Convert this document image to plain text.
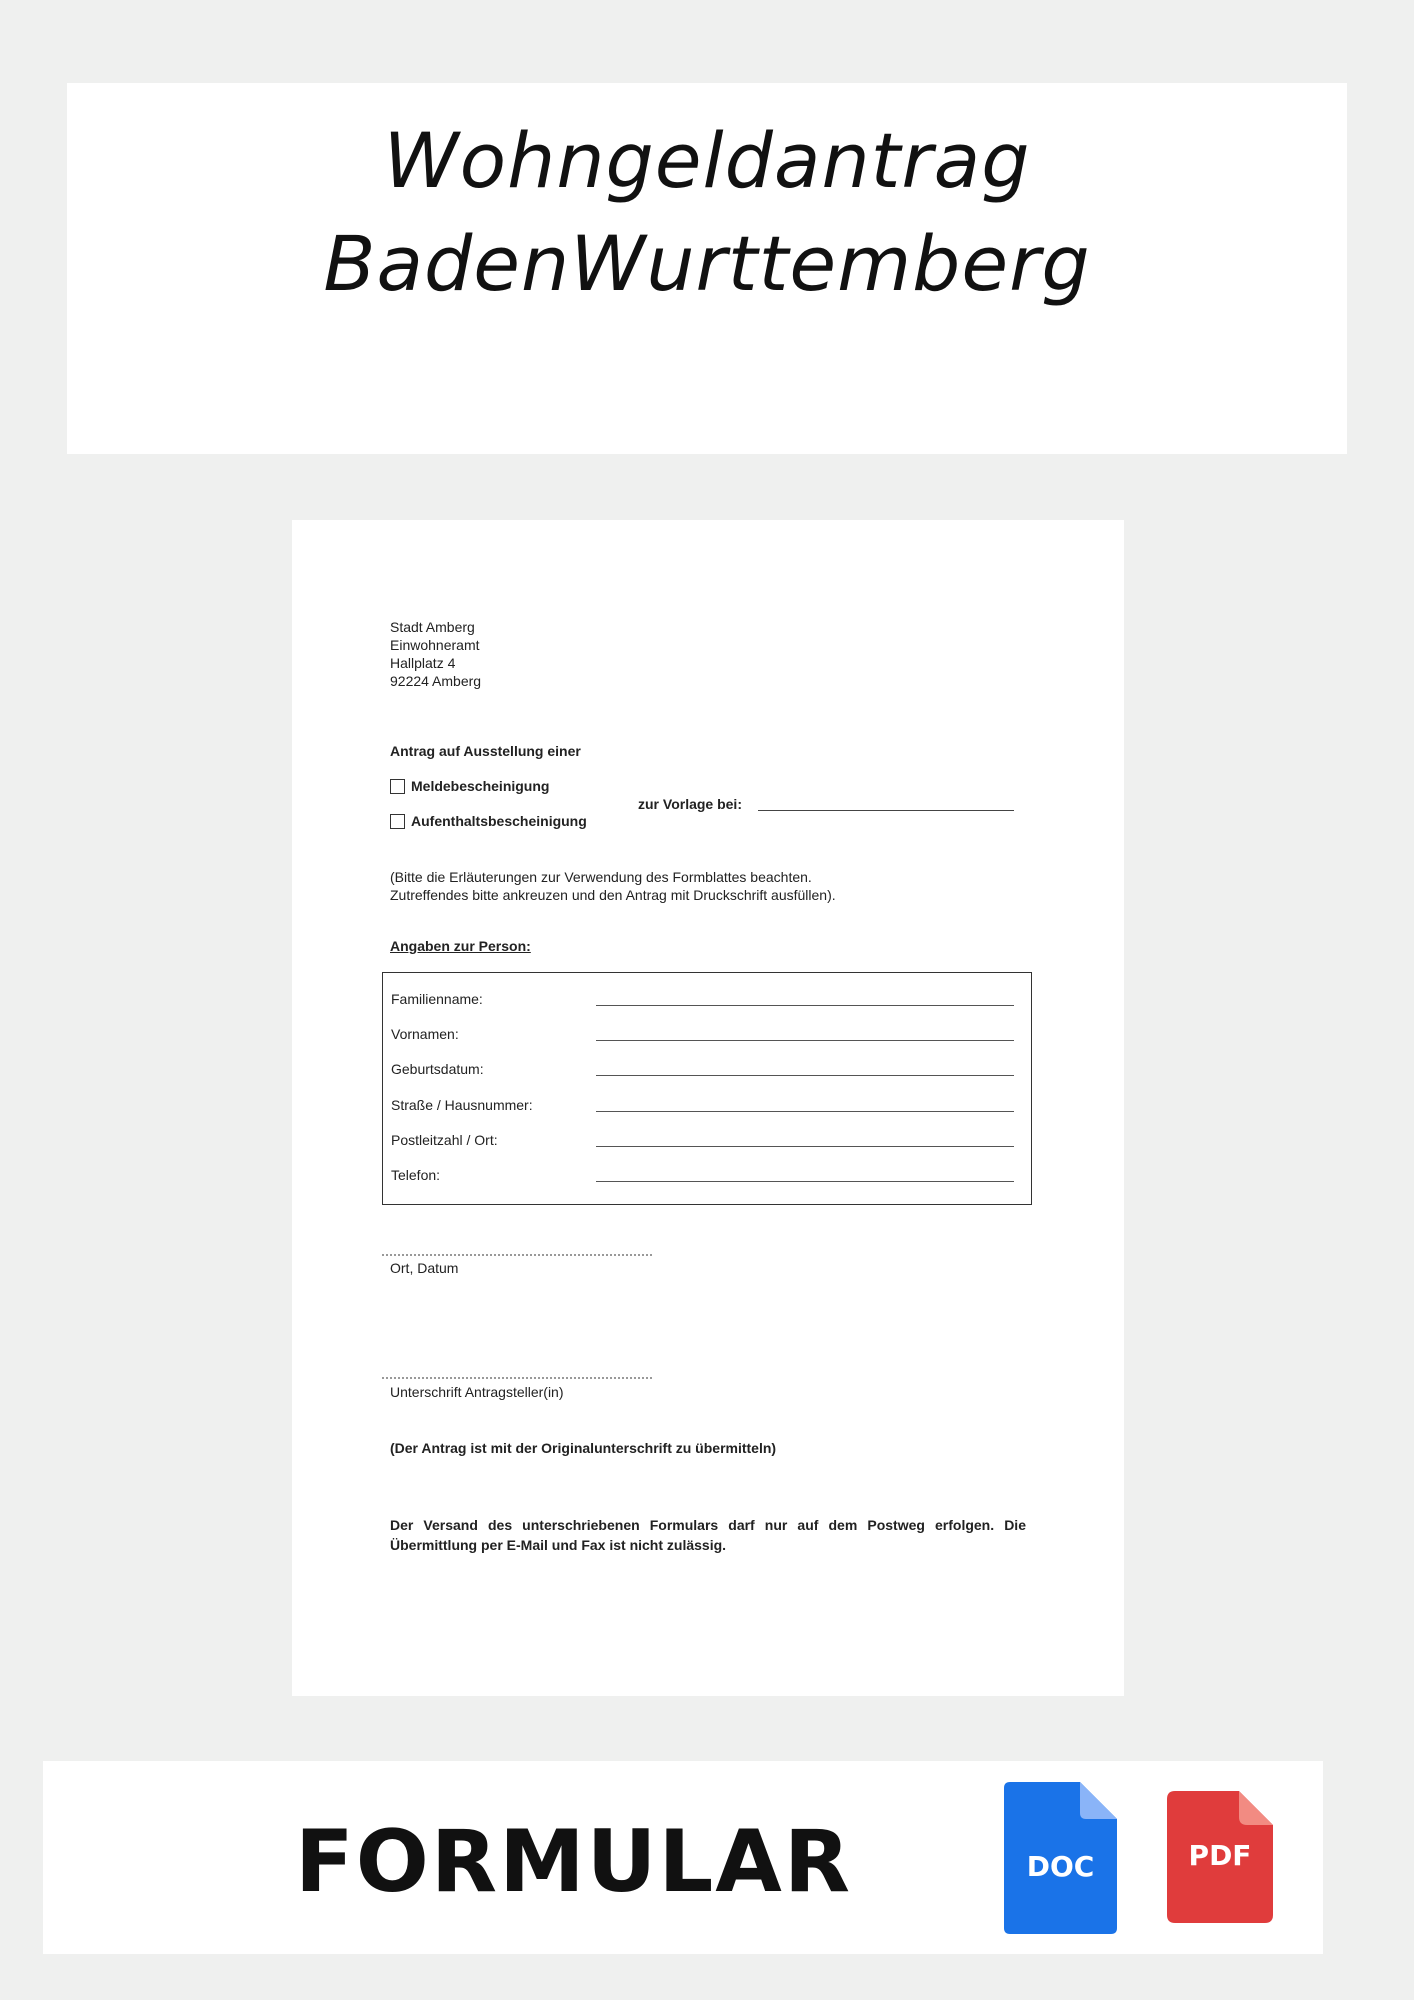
Wohngeldantrag
BadenWurttemberg
Stadt Amberg
Einwohneramt
Hallplatz 4
92224 Amberg
Antrag auf Ausstellung einer
Meldebescheinigung
Aufenthaltsbescheinigung
zur Vorlage bei:
(Bitte die Erläuterungen zur Verwendung des Formblattes beachten.
Zutreffendes bitte ankreuzen und den Antrag mit Druckschrift ausfüllen).
Angaben zur Person:
Familienname:
Vornamen:
Geburtsdatum:
Straße / Hausnummer:
Postleitzahl / Ort:
Telefon:
Ort, Datum
Unterschrift Antragsteller(in)
(Der Antrag ist mit der Originalunterschrift zu übermitteln)
Der Versand des unterschriebenen Formulars darf nur auf dem Postweg erfolgen. Die Übermittlung per E-Mail und Fax ist nicht zulässig.
FORMULAR	DOC	PDF
